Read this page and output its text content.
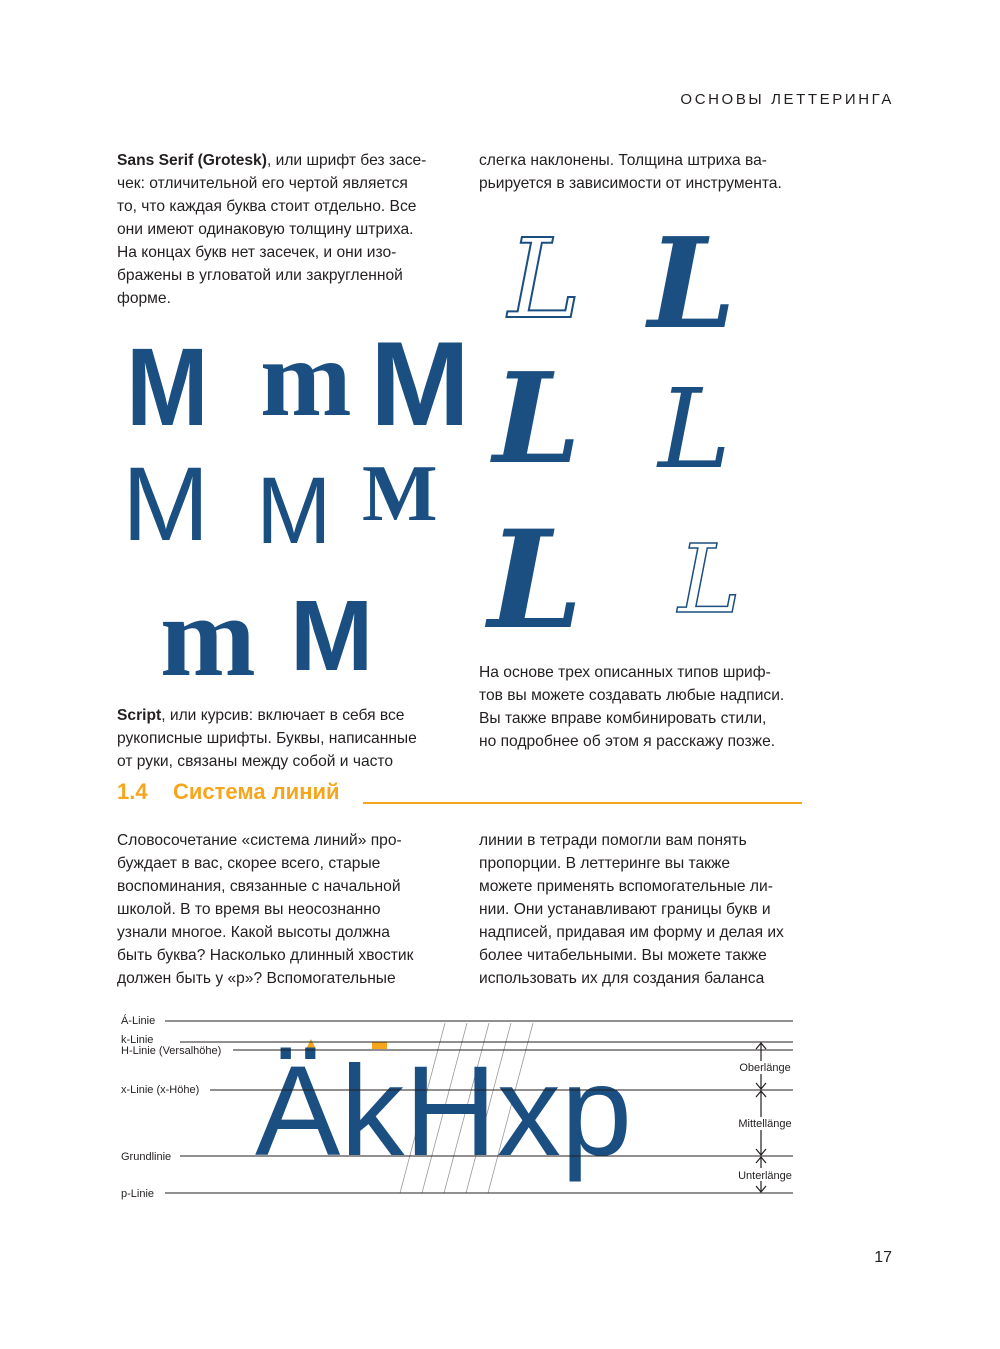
ОСНОВЫ ЛЕТТЕРИНГА

Sans Serif (Grotesk), или шрифт без засе-

чек: отличительной его чертой является

то, что каждая буква стоит отдельно. Все

они имеют одинаковую толщину штриха.

На концах букв нет засечек, и они изо-

бражены в угловатой или закругленной

форме.

слегка наклонены. Толщина штриха ва-

рьируется в зависимости от инструмента.

M m M
M M M
m M
L L
L L
L L

На основе трех описанных типов шриф-

тов вы можете создавать любые надписи.

Вы также вправе комбинировать стили,

но подробнее об этом я расскажу позже.

Script, или курсив: включает в себя все

рукописные шрифты. Буквы, написанные

от руки, связаны между собой и часто

1.4 Система линий

Словосочетание «система линий» про-

буждает в вас, скорее всего, старые

воспоминания, связанные с начальной

школой. В то время вы неосознанно

узнали многое. Какой высоты должна

быть буква? Насколько длинный хвостик

должен быть у «р»? Вспомогательные

линии в тетради помогли вам понять

пропорции. В леттеринге вы также

можете применять вспомогательные ли-

нии. Они устанавливают границы букв и

надписей, придавая им форму и делая их

более читабельными. Вы можете также

использовать их для создания баланса

ÄkHxp
Á-Linie
k-Linie
H-Linie (Versalhöhe)
x-Linie (x-Höhe)
Grundlinie
p-Linie
Oberlänge
Mittellänge
Unterlänge
17
